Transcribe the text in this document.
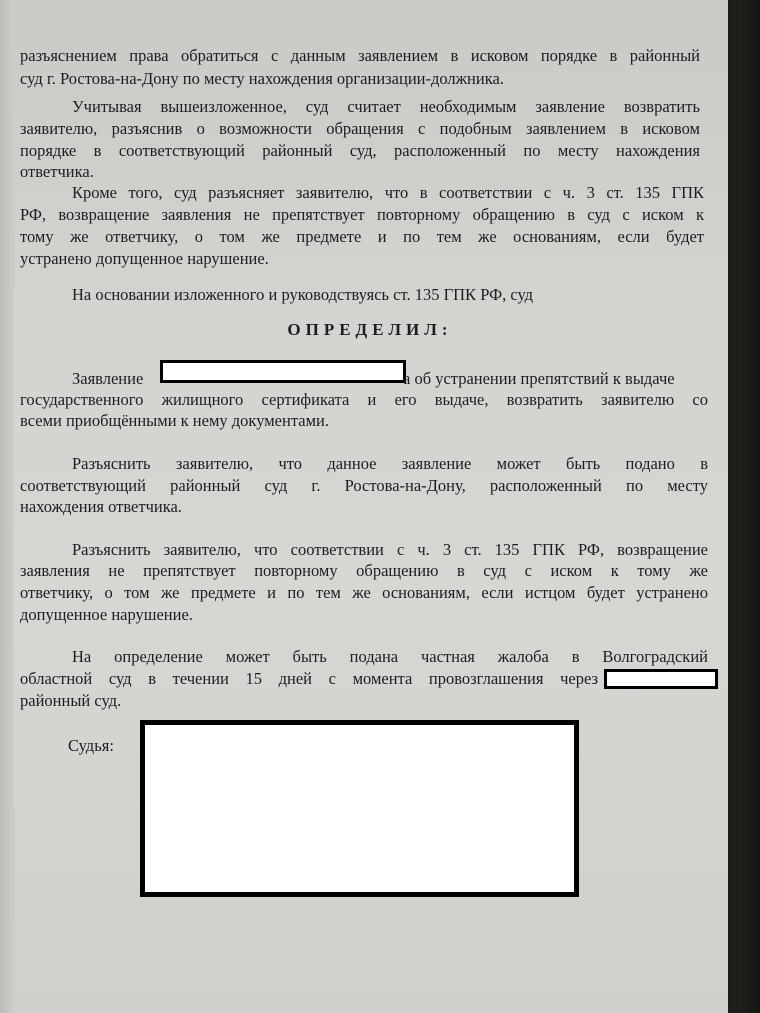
разъяснением права обратиться с данным заявлением в исковом порядке в районный
суд г. Ростова-на-Дону по месту нахождения организации-должника.
Учитывая вышеизложенное, суд считает необходимым заявление возвратить
заявителю, разъяснив о возможности обращения с подобным заявлением в исковом
порядке в соответствующий районный суд, расположенный по месту нахождения
ответчика.
Кроме того, суд разъясняет заявителю, что в соответствии с ч. 3 ст. 135 ГПК
РФ, возвращение заявления не препятствует повторному обращению в суд с иском к
тому же ответчику, о том же предмете и по тем же основаниям, если будет
устранено допущенное нарушение.
На основании изложенного и руководствуясь ст. 135 ГПК РФ, суд
ОПРЕДЕЛИЛ:
Заявление	а об устранении препятствий к выдаче
государственного жилищного сертификата и его выдаче, возвратить заявителю со
всеми приобщёнными к нему документами.
Разъяснить заявителю, что данное заявление может быть подано в
соответствующий районный суд г. Ростова-на-Дону, расположенный по месту
нахождения ответчика.
Разъяснить заявителю, что соответствии с ч. 3 ст. 135 ГПК РФ, возвращение
заявления не препятствует повторному обращению в суд с иском к тому же
ответчику, о том же предмете и по тем же основаниям, если истцом будет устранено
допущенное нарушение.
На определение может быть подана частная жалоба в Волгоградский
областной суд в течении 15 дней с момента провозглашения через
районный суд.
Судья:
